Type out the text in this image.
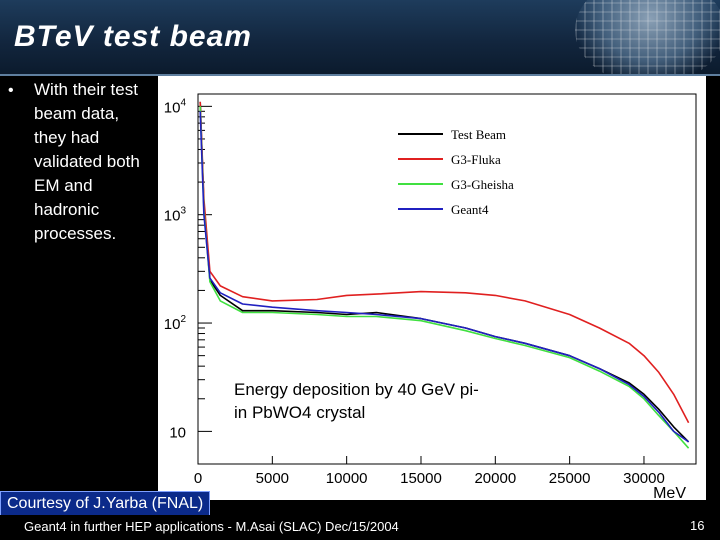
BTeV test beam
• With their test beam data, they had validated both EM and hadronic processes.

0	5000 10000 15000 20000 25000 30000
10
$10^2$
$10^3$
$10^4$
MeV
Test Beam
G3-Fluka
G3-Gheisha
Geant4

Energy deposition by 40 GeV pi-
in PbWO4 crystal

Courtesy of J.Yarba (FNAL)
Geant4 in further HEP applications - M.Asai (SLAC) Dec/15/2004	16
